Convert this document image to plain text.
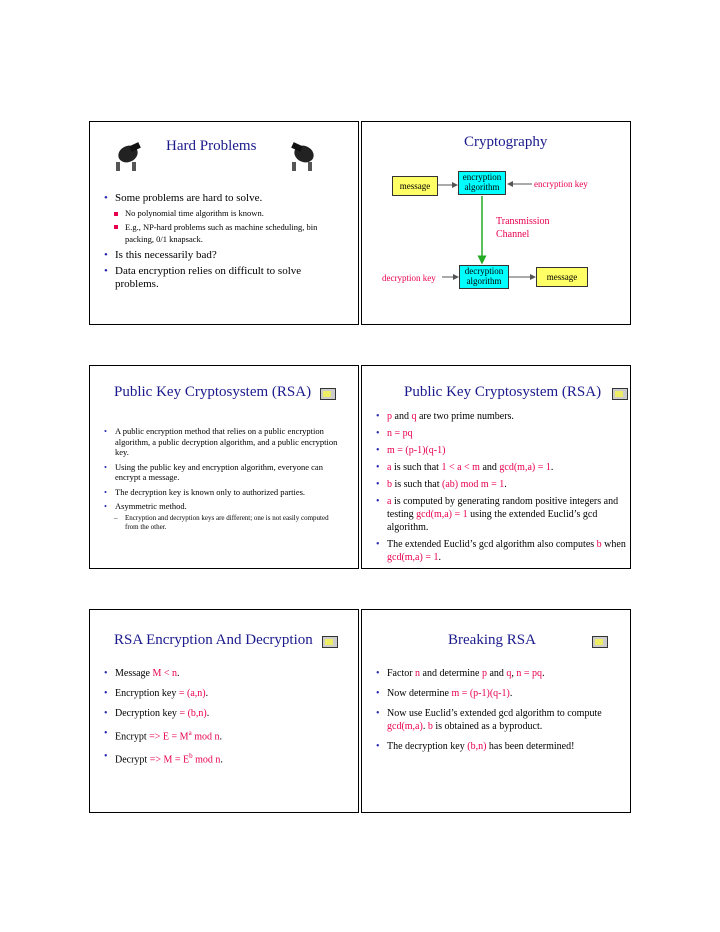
Hard Problems
• Some problems are hard to solve.
No polynomial time algorithm is known.
E.g., NP-hard problems such as machine scheduling, bin packing, 0/1 knapsack.
• Is this necessarily bad?
• Data encryption relies on difficult to solve problems.
Cryptography
message
encryption algorithm	encryption key
Transmission Channel
decryption key
decryption algorithm	message
Public Key Cryptosystem (RSA)
• A public encryption method that relies on a public encryption algorithm, a public decryption algorithm, and a public encryption key.
• Using the public key and encryption algorithm, everyone can encrypt a message.
• The decryption key is known only to authorized parties.
• Asymmetric method.
– Encryption and decryption keys are different; one is not easily computed from the other.
Public Key Cryptosystem (RSA)
• p and q are two prime numbers.
• n = pq
• m = (p-1)(q-1)
• a is such that 1 < a < m and gcd(m,a) = 1.
• b is such that (ab) mod m = 1.
• a is computed by generating random positive integers and testing gcd(m,a) = 1 using the extended Euclid’s gcd algorithm.
• The extended Euclid’s gcd algorithm also computes b when gcd(m,a) = 1.
RSA Encryption And Decryption
• Message M < n.
• Encryption key = (a,n).
• Decryption key = (b,n).
• Encrypt => $E = M^a$ mod n.
• Decrypt => $M = E^b$ mod n.
Breaking RSA
• Factor n and determine p and q, n = pq.
• Now determine m = (p-1)(q-1).
• Now use Euclid’s extended gcd algorithm to compute gcd(m,a). b is obtained as a byproduct.
• The decryption key (b,n) has been determined!
